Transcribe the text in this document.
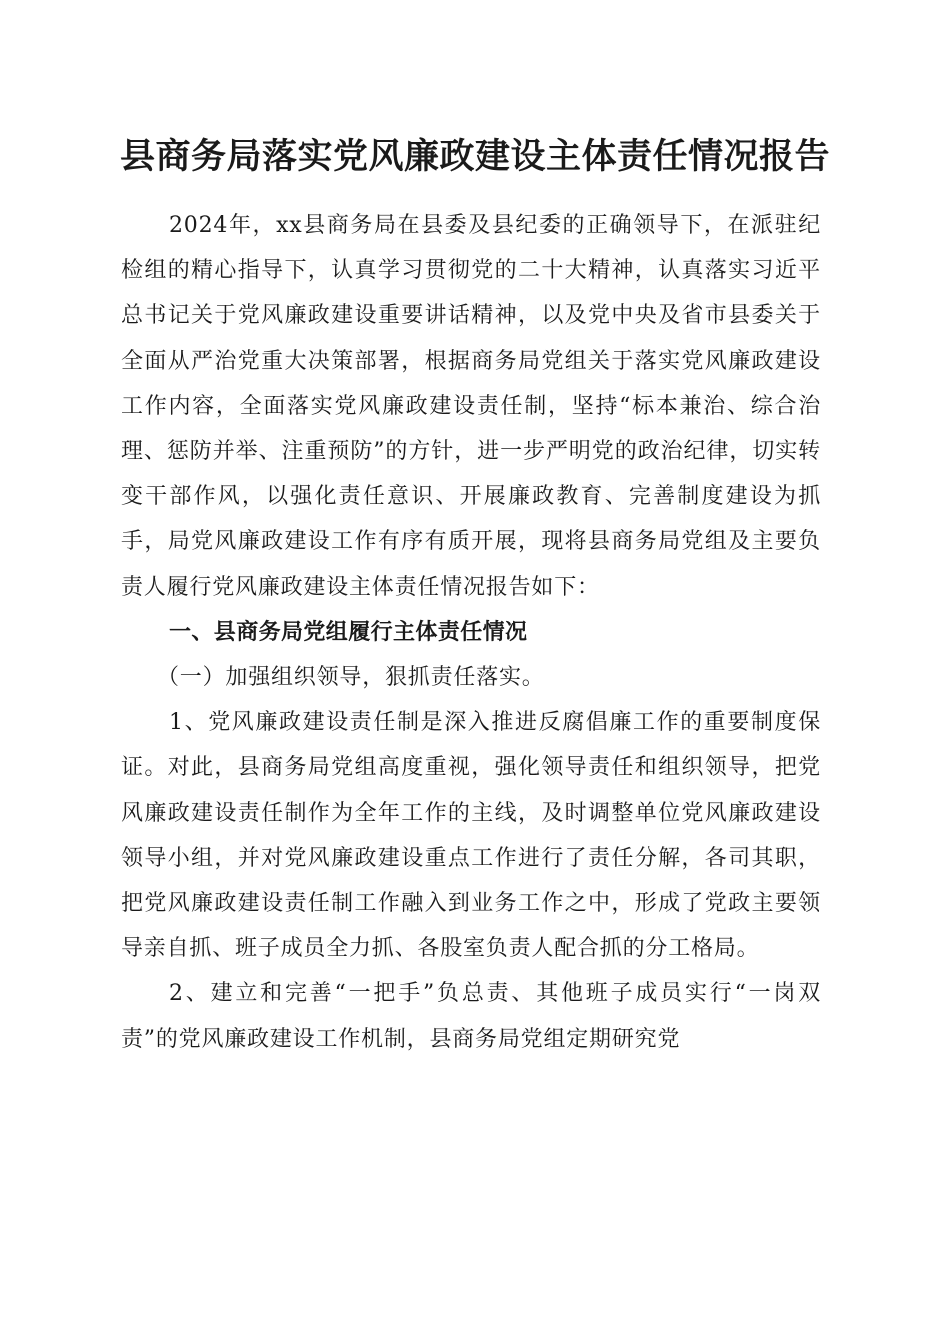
县商务局落实党风廉政建设主体责任情况报告

2024年，xx县商务局在县委及县纪委的正确领导下，在派驻纪检组的精心指导下，认真学习贯彻党的二十大精神，认真落实习近平总书记关于党风廉政建设重要讲话精神，以及党中央及省市县委关于全面从严治党重大决策部署，根据商务局党组关于落实党风廉政建设工作内容，全面落实党风廉政建设责任制，坚持“标本兼治、综合治理、惩防并举、注重预防”的方针，进一步严明党的政治纪律，切实转变干部作风，以强化责任意识、开展廉政教育、完善制度建设为抓手，局党风廉政建设工作有序有质开展，现将县商务局党组及主要负责人履行党风廉政建设主体责任情况报告如下：

一、县商务局党组履行主体责任情况

（一）加强组织领导，狠抓责任落实。

1、党风廉政建设责任制是深入推进反腐倡廉工作的重要制度保证。对此，县商务局党组高度重视，强化领导责任和组织领导，把党风廉政建设责任制作为全年工作的主线，及时调整单位党风廉政建设领导小组，并对党风廉政建设重点工作进行了责任分解，各司其职，把党风廉政建设责任制工作融入到业务工作之中，形成了党政主要领导亲自抓、班子成员全力抓、各股室负责人配合抓的分工格局。

2、建立和完善“一把手”负总责、其他班子成员实行“一岗双责”的党风廉政建设工作机制，县商务局党组定期研究党
